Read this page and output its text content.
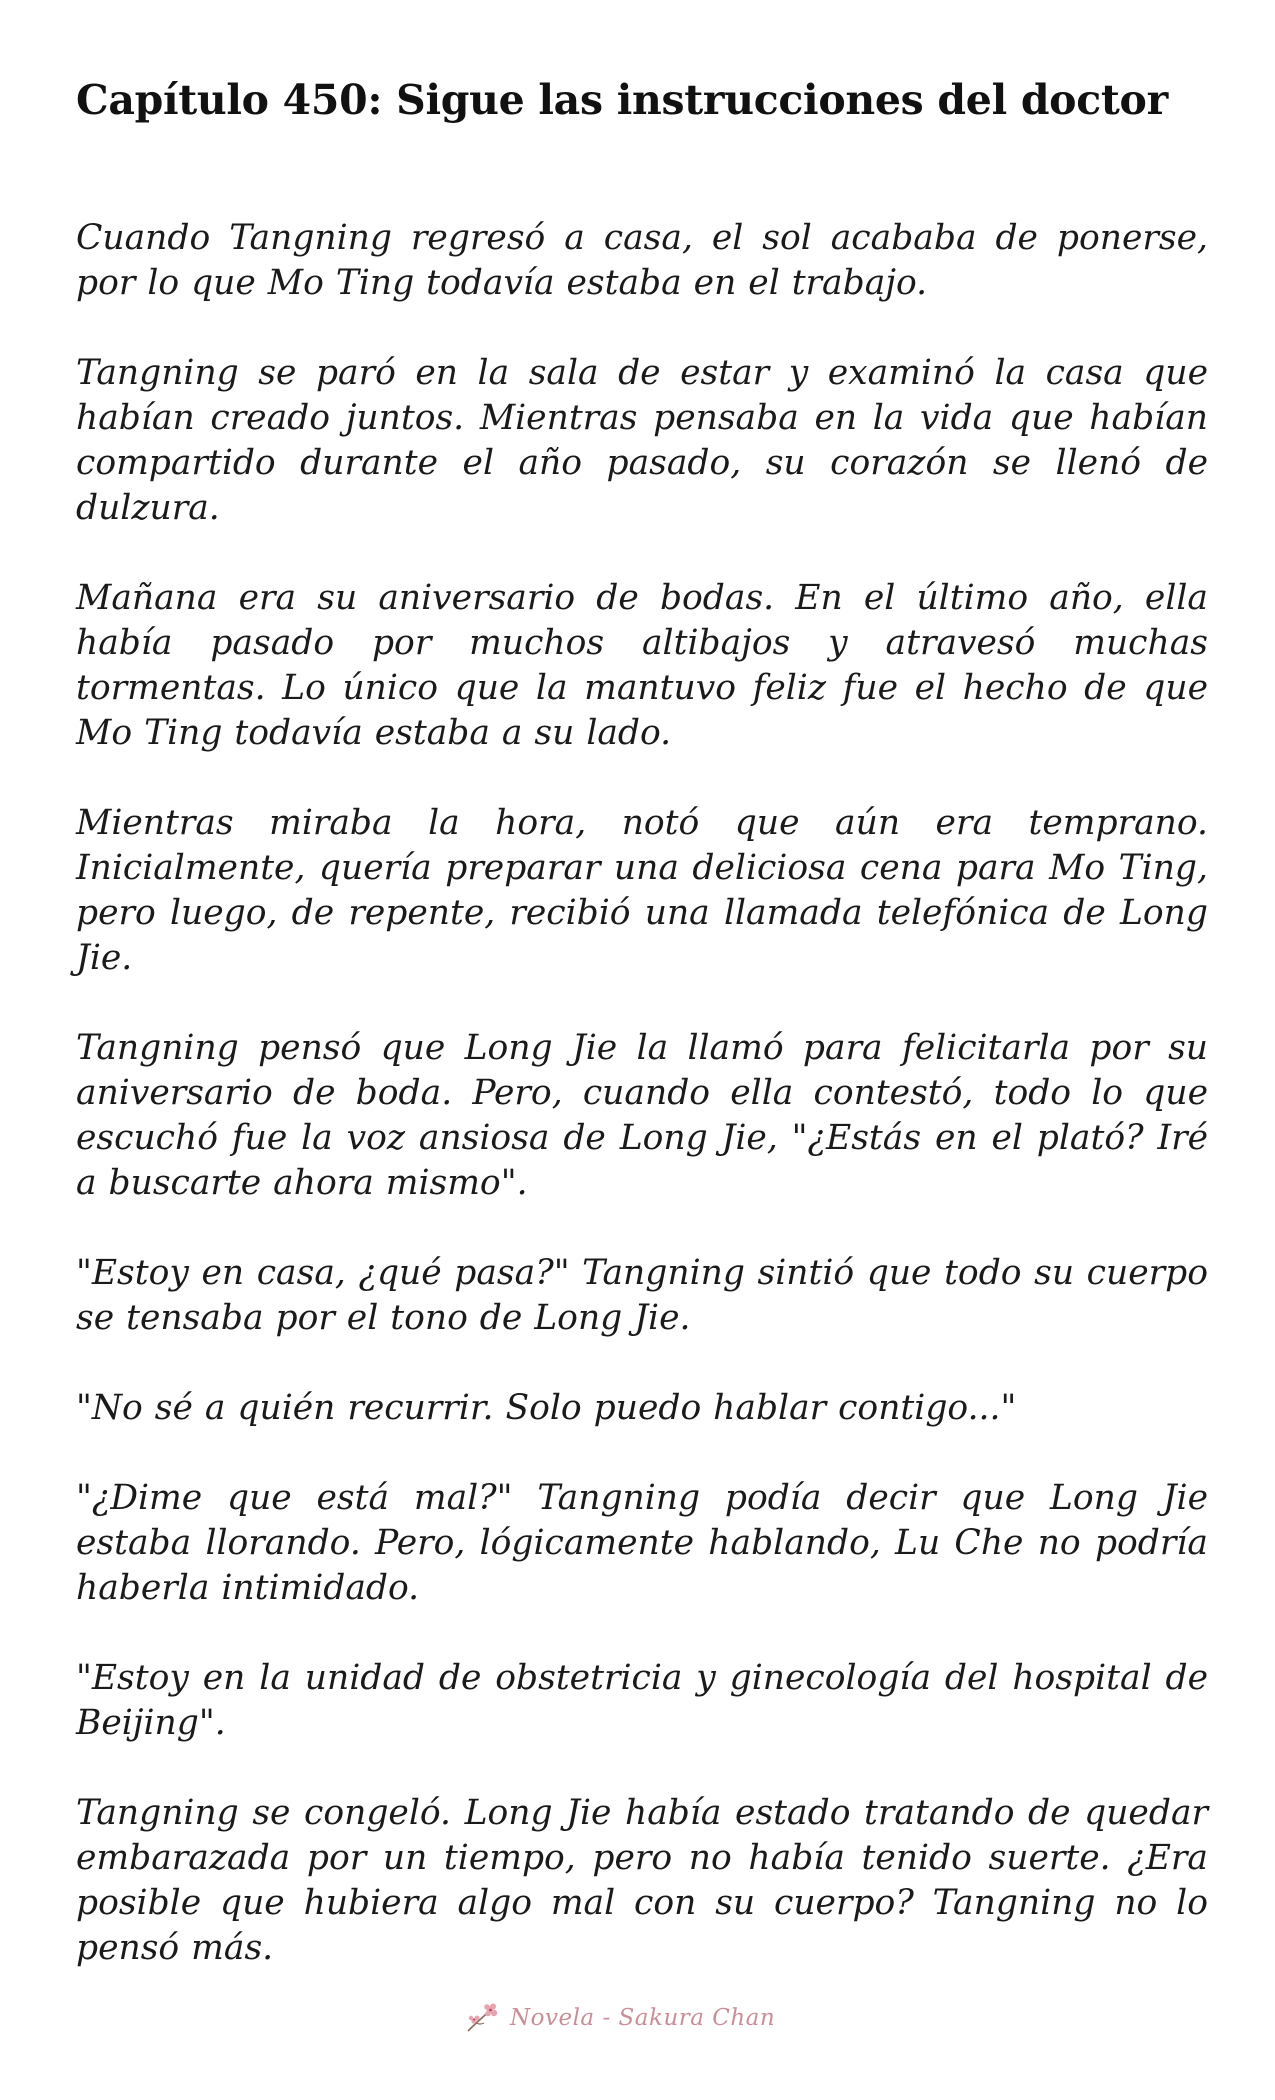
Capítulo 450: Sigue las instrucciones del doctor

Cuando Tangning regresó a casa, el sol acababa de ponerse, por lo que Mo Ting todavía estaba en el trabajo.

Tangning se paró en la sala de estar y examinó la casa que habían creado juntos. Mientras pensaba en la vida que habían compartido durante el año pasado, su corazón se llenó de dulzura.

Mañana era su aniversario de bodas. En el último año, ella había pasado por muchos altibajos y atravesó muchas tormentas. Lo único que la mantuvo feliz fue el hecho de que Mo Ting todavía estaba a su lado.

Mientras miraba la hora, notó que aún era temprano. Inicialmente, quería preparar una deliciosa cena para Mo Ting, pero luego, de repente, recibió una llamada telefónica de Long Jie.

Tangning pensó que Long Jie la llamó para felicitarla por su aniversario de boda. Pero, cuando ella contestó, todo lo que escuchó fue la voz ansiosa de Long Jie, "¿Estás en el plató? Iré a buscarte ahora mismo".

"Estoy en casa, ¿qué pasa?" Tangning sintió que todo su cuerpo se tensaba por el tono de Long Jie.

"No sé a quién recurrir. Solo puedo hablar contigo..."

"¿Dime que está mal?" Tangning podía decir que Long Jie estaba llorando. Pero, lógicamente hablando, Lu Che no podría haberla intimidado.

"Estoy en la unidad de obstetricia y ginecología del hospital de Beijing".

Tangning se congeló. Long Jie había estado tratando de quedar embarazada por un tiempo, pero no había tenido suerte. ¿Era posible que hubiera algo mal con su cuerpo? Tangning no lo pensó más.

Novela - Sakura Chan
